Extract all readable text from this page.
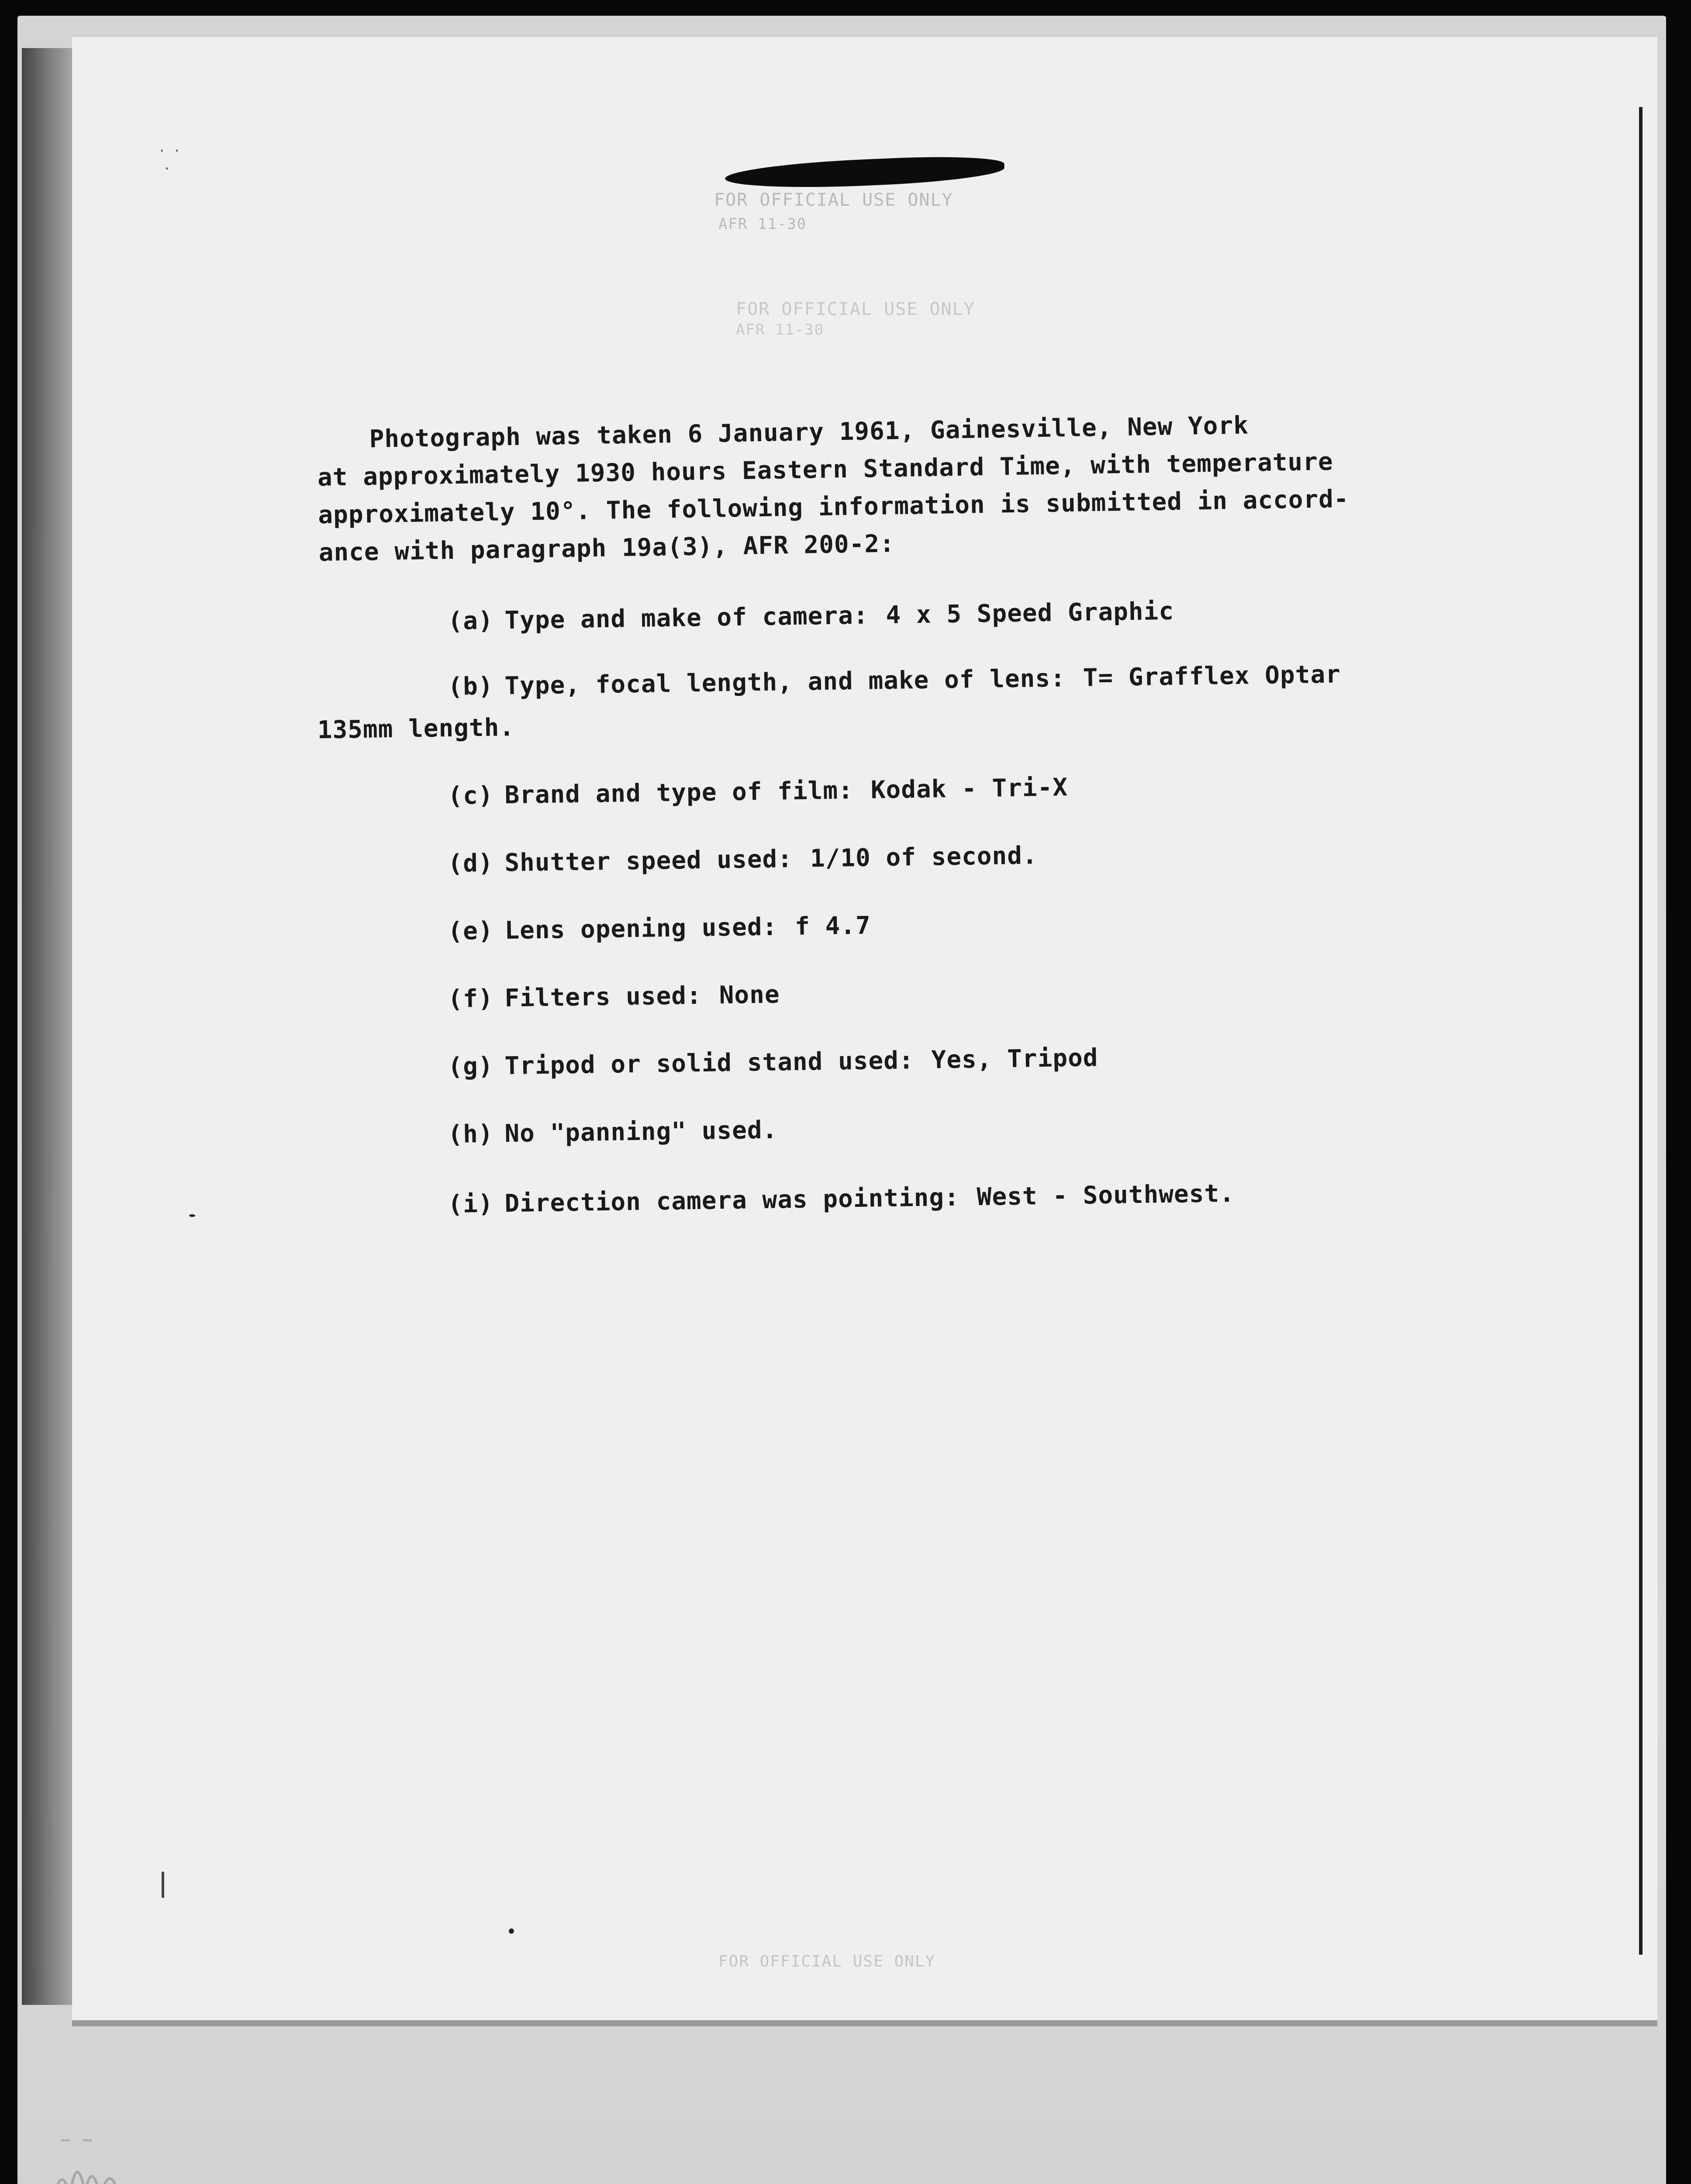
·  ·
·
FOR OFFICIAL USE ONLY
AFR 11-30
FOR OFFICIAL USE ONLY
AFR 11-30
Photograph was taken 6 January 1961, Gainesville, New York
at approximately 1930 hours Eastern Standard Time, with temperature
approximately 10°. The following information is submitted in accord-
ance with paragraph 19a(3), AFR 200-2:
(a) Type and make of camera: 4 x 5 Speed Graphic
(b) Type, focal length, and make of lens: T= Grafflex Optar
135mm length.
(c) Brand and type of film: Kodak - Tri-X
(d) Shutter speed used: 1/10 of second.
(e) Lens opening used: f 4.7
(f) Filters used: None
(g) Tripod or solid stand used: Yes, Tripod
(h) No "panning" used.
(i) Direction camera was pointing: West - Southwest.
FOR OFFICIAL USE ONLY
